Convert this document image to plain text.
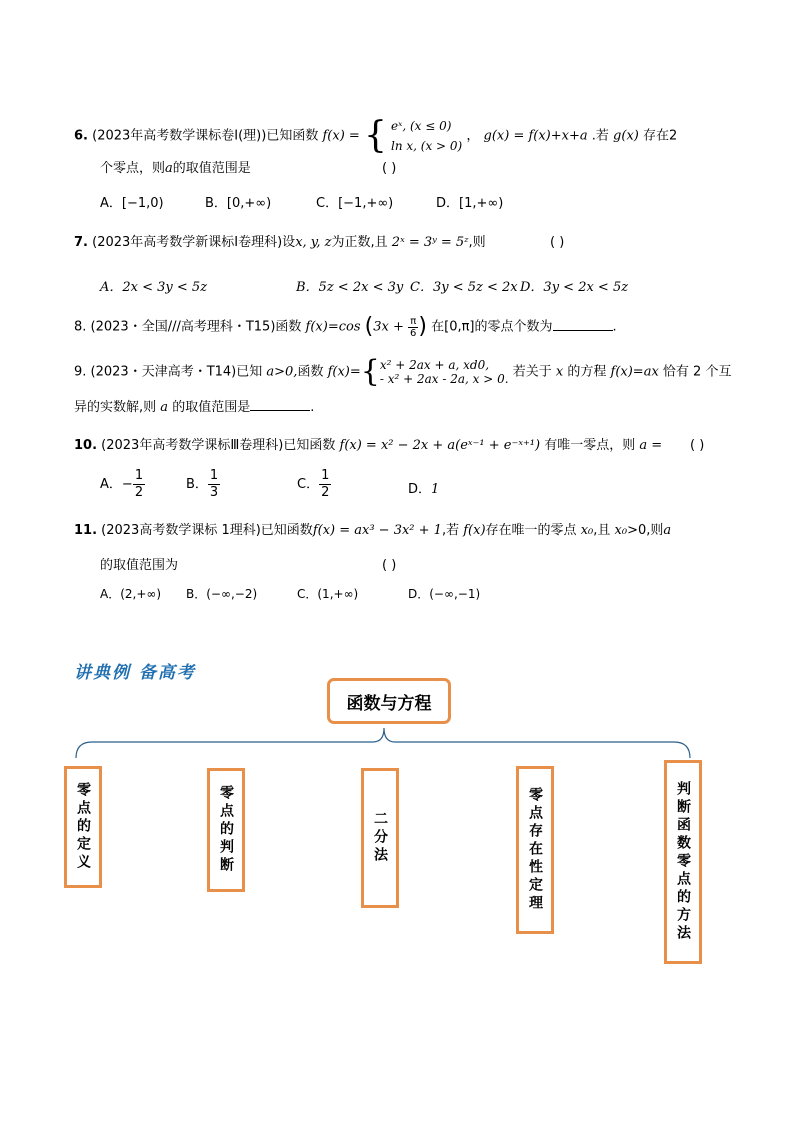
6. (2023年高考数学课标卷Ⅰ(理))已知函数 f(x) = { eˣ, (x ≤ 0)
ln x, (x > 0)
， g(x) = f(x)+x+a .若 g(x) 存在2
个零点，则a的取值范围是	( )
A．[−1,0)	B．[0,+∞)	C．[−1,+∞)	D．[1,+∞)
7. (2023年高考数学新课标Ⅰ卷理科)设x, y, z为正数,且 2ˣ = 3ʸ = 5ᶻ,则	( )
A．2x < 3y < 5z	B．5z < 2x < 3y C．3y < 5z < 2x D．3y < 2x < 5z
8. (2023・全国///高考理科・T15)函数 f(x)=cos ($3x + \frac{\pi}{6}$ ) 在[0,π]的零点个数为	.
9. (2023・天津高考・T14)已知 a>0,函数 f(x)={ x² + 2ax + a, xd0,
- x² + 2ax - 2a, x > 0. 若关于 x 的方程 f(x)=ax 恰有 2 个互
异的实数解,则 a 的取值范围是	.
10. (2023年高考数学课标Ⅲ卷理科)已知函数 f(x) = x² − 2x + a(eˣ⁻¹ + e⁻ˣ⁺¹) 有唯一零点，则 a = ( )
A．− $\frac{1}{2}$	B． $\frac{1}{3}$	C． $\frac{1}{2}$	D．1
11. (2023高考数学课标 1理科)已知函数f(x) = ax³ − 3x² + 1,若 f(x)存在唯一的零点 x₀,且 x₀>0,则a
的取值范围为	( )
A．(2,+∞) B．(−∞,−2)	C．(1,+∞)	D．(−∞,−1)
讲典例 备高考
函数与方程
零点的定义	零点的判断	二分法	零点存在性定理	判断函数零点的方法
